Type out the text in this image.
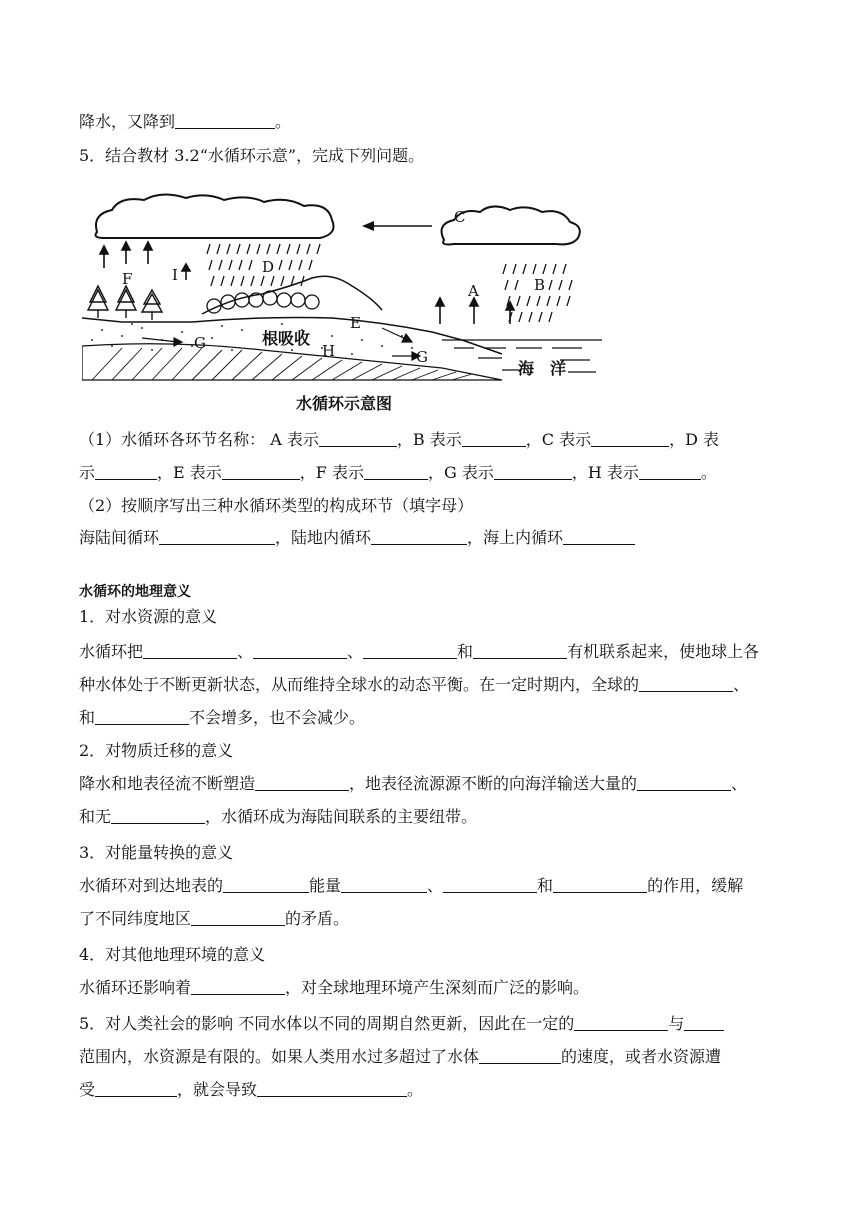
降水，又降到	。
5．结合教材 3.2“水循环示意”，完成下列问题。
C
D
B
A
F	I
G
E
H	G
根吸收
海　洋
水循环示意图
（1）水循环各环节名称： A 表示	，B 表示	，C 表示	，D 表
示	，E 表示	，F 表示	，G 表示	，H 表示	。
（2）按顺序写出三种水循环类型的构成环节（填字母）
海陆间循环	，陆地内循环	，海上内循环
水循环的地理意义
1．对水资源的意义
水循环把	、	、	和	有机联系起来，使地球上各
种水体处于不断更新状态，从而维持全球水的动态平衡。在一定时期内，全球的	、
和	不会增多，也不会减少。
2．对物质迁移的意义
降水和地表径流不断塑造	，地表径流源源不断的向海洋输送大量的	、
和无	，水循环成为海陆间联系的主要纽带。
3．对能量转换的意义
水循环对到达地表的	能量	、	和	的作用，缓解
了不同纬度地区	的矛盾。
4．对其他地理环境的意义
水循环还影响着	，对全球地理环境产生深刻而广泛的影响。
5．对人类社会的影响 不同水体以不同的周期自然更新，因此在一定的	与
范围内，水资源是有限的。如果人类用水过多超过了水体	的速度，或者水资源遭
受	，就会导致	。
